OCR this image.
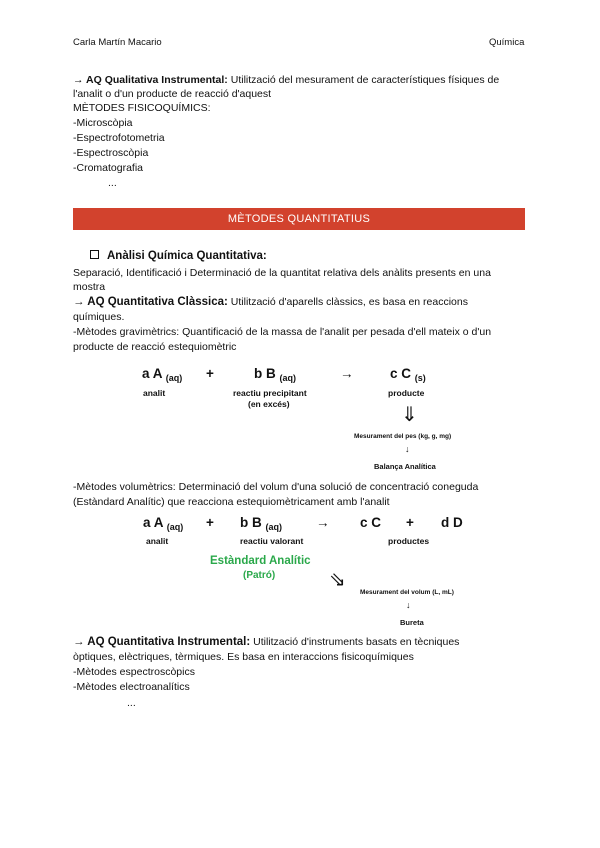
Carla Martín Macario	Química
→ AQ Qualitativa Instrumental: Utilització del mesurament de característiques físiques de
l'analit o d'un producte de reacció d'aquest
MÈTODES FISICOQUÍMICS:
-Microscòpia
-Espectrofotometria
-Espectroscòpia
-Cromatografia
...
MÈTODES QUANTITATIUS
Anàlisi Química Quantitativa:
Separació, Identificació i Determinació de la quantitat relativa dels anàlits presents en una
mostra
→ AQ Quantitativa Clàssica: Utilització d'aparells clàssics, es basa en reaccions
químiques.
-Mètodes gravimètrics: Quantificació de la massa de l'analit per pesada d'ell mateix o d'un
producte de reacció estequiomètric
a A $_{(aq)}$ +	b B $_{(aq)}$	→	c C $_{(s)}$
analit	reactiu precipitant
(en excés)
producte
⇓
Mesurament del pes (kg, g, mg)
↓
Balança Analítica
-Mètodes volumètrics: Determinació del volum d'una solució de concentració coneguda
(Estàndard Analític) que reacciona estequiomètricament amb l'analit
a A $_{(aq)}$ + b B $_{(aq)}$	→ c C + d D
analit	reactiu valorant	productes
Estàndard Analític
(Patró)	⇘
Mesurament del volum (L, mL)
↓
Bureta
→ AQ Quantitativa Instrumental: Utilització d'instruments basats en tècniques
òptiques, elèctriques, tèrmiques. Es basa en interaccions fisicoquímiques
-Mètodes espectroscòpics
-Mètodes electroanalítics
...
